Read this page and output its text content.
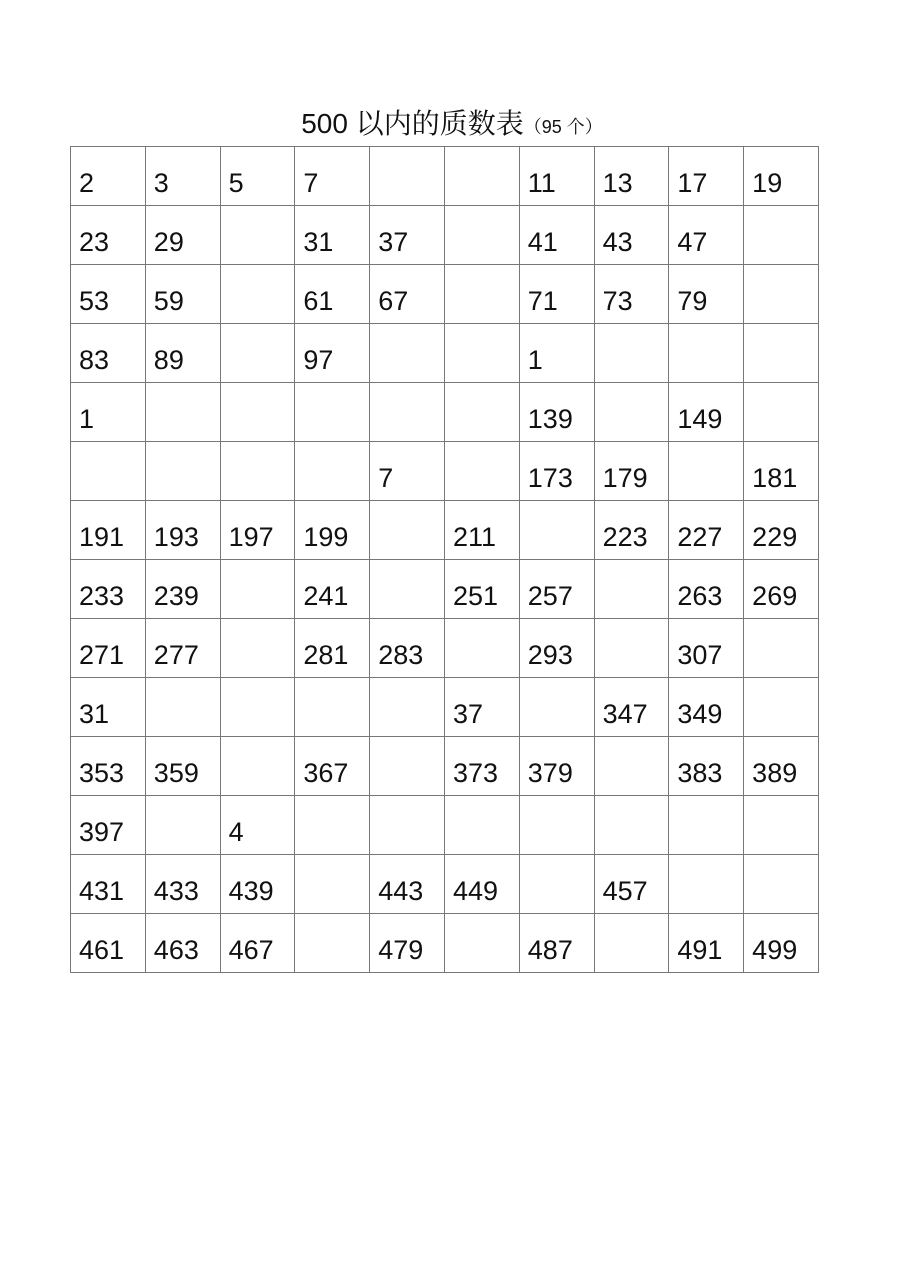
500 以内的质数表（95 个）
2	3	5	7			11	13	17	19
23	29		31	37		41	43	47	
53	59		61	67		71	73	79	
83	89		97			1			
1						139		149	
				7		173	179		181
191	193	197	199		211		223	227	229
233	239		241		251	257		263	269
271	277		281	283		293		307	
31					37		347	349	
353	359		367		373	379		383	389
397		4							
431	433	439		443	449		457		
461	463	467		479		487		491	499
